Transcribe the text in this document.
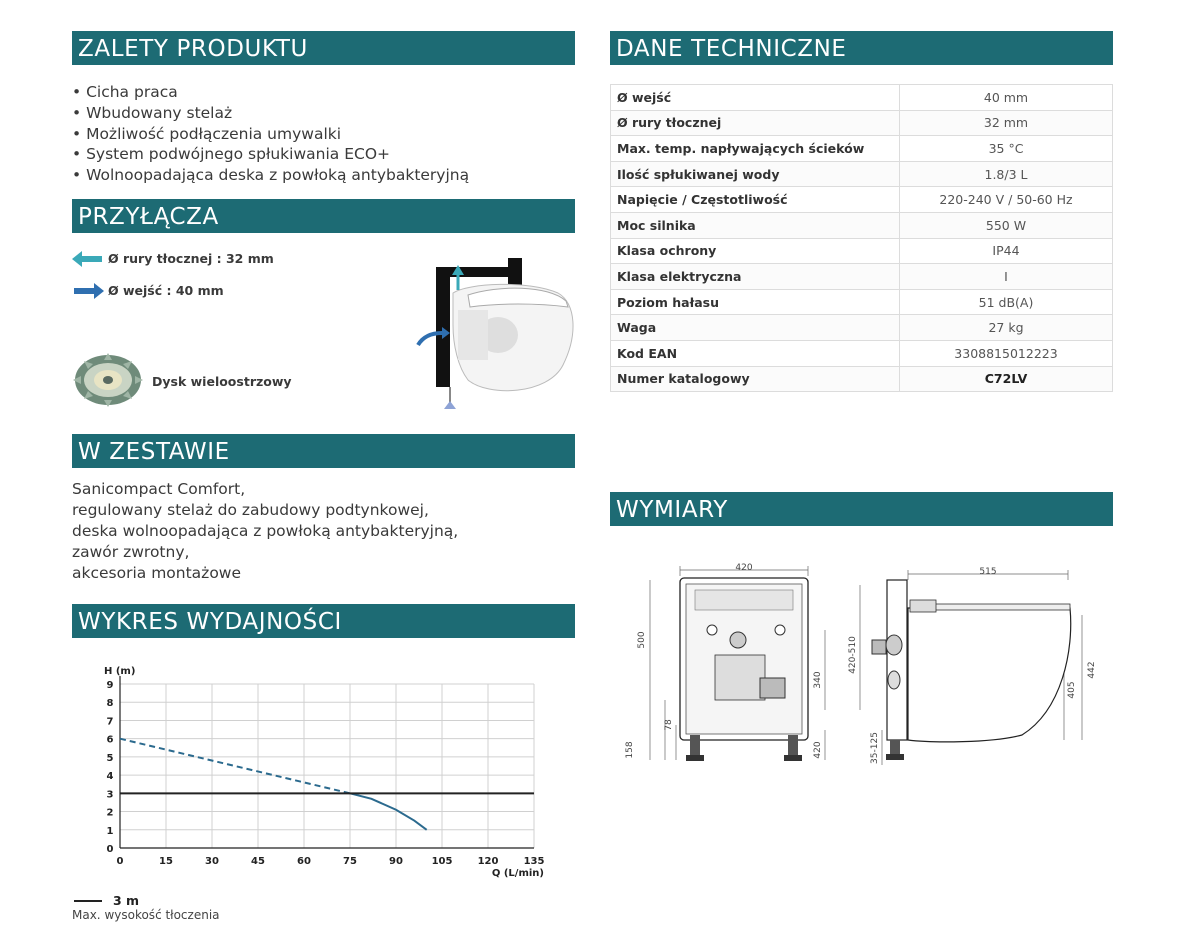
ZALETY PRODUKTU
• Cicha praca
• Wbudowany stelaż
• Możliwość podłączenia umywalki
• System podwójnego spłukiwania ECO+
• Wolnoopadająca deska z powłoką antybakteryjną
PRZYŁĄCZA
Ø rury tłocznej : 32 mm
Ø wejść : 40 mm
Dysk wieloostrzowy
W ZESTAWIE
Sanicompact Comfort,
regulowany stelaż do zabudowy podtynkowej,
deska wolnoopadająca z powłoką antybakteryjną,
zawór zwrotny,
akcesoria montażowe
WYKRES WYDAJNOŚCI
0	15	30	45	60	75	90	105	120	135
0
1
2
3
4
5
6
7
8
9
H (m)
Q (L/min)
3 m
Max. wysokość tłoczenia
DANE TECHNICZNE
Ø wejść	40 mm
Ø rury tłocznej	32 mm
Max. temp. napływających ścieków	35 °C
Ilość spłukiwanej wody	1.8/3 L
Napięcie / Częstotliwość	220-240 V / 50-60 Hz
Moc silnika	550 W
Klasa ochrony	IP44
Klasa elektryczna	I
Poziom hałasu	51 dB(A)
Waga	27 kg
Kod EAN	3308815012223
Numer katalogowy	C72LV
WYMIARY
420
500
78
158
340
420
515
420-510	442
405
35-125
